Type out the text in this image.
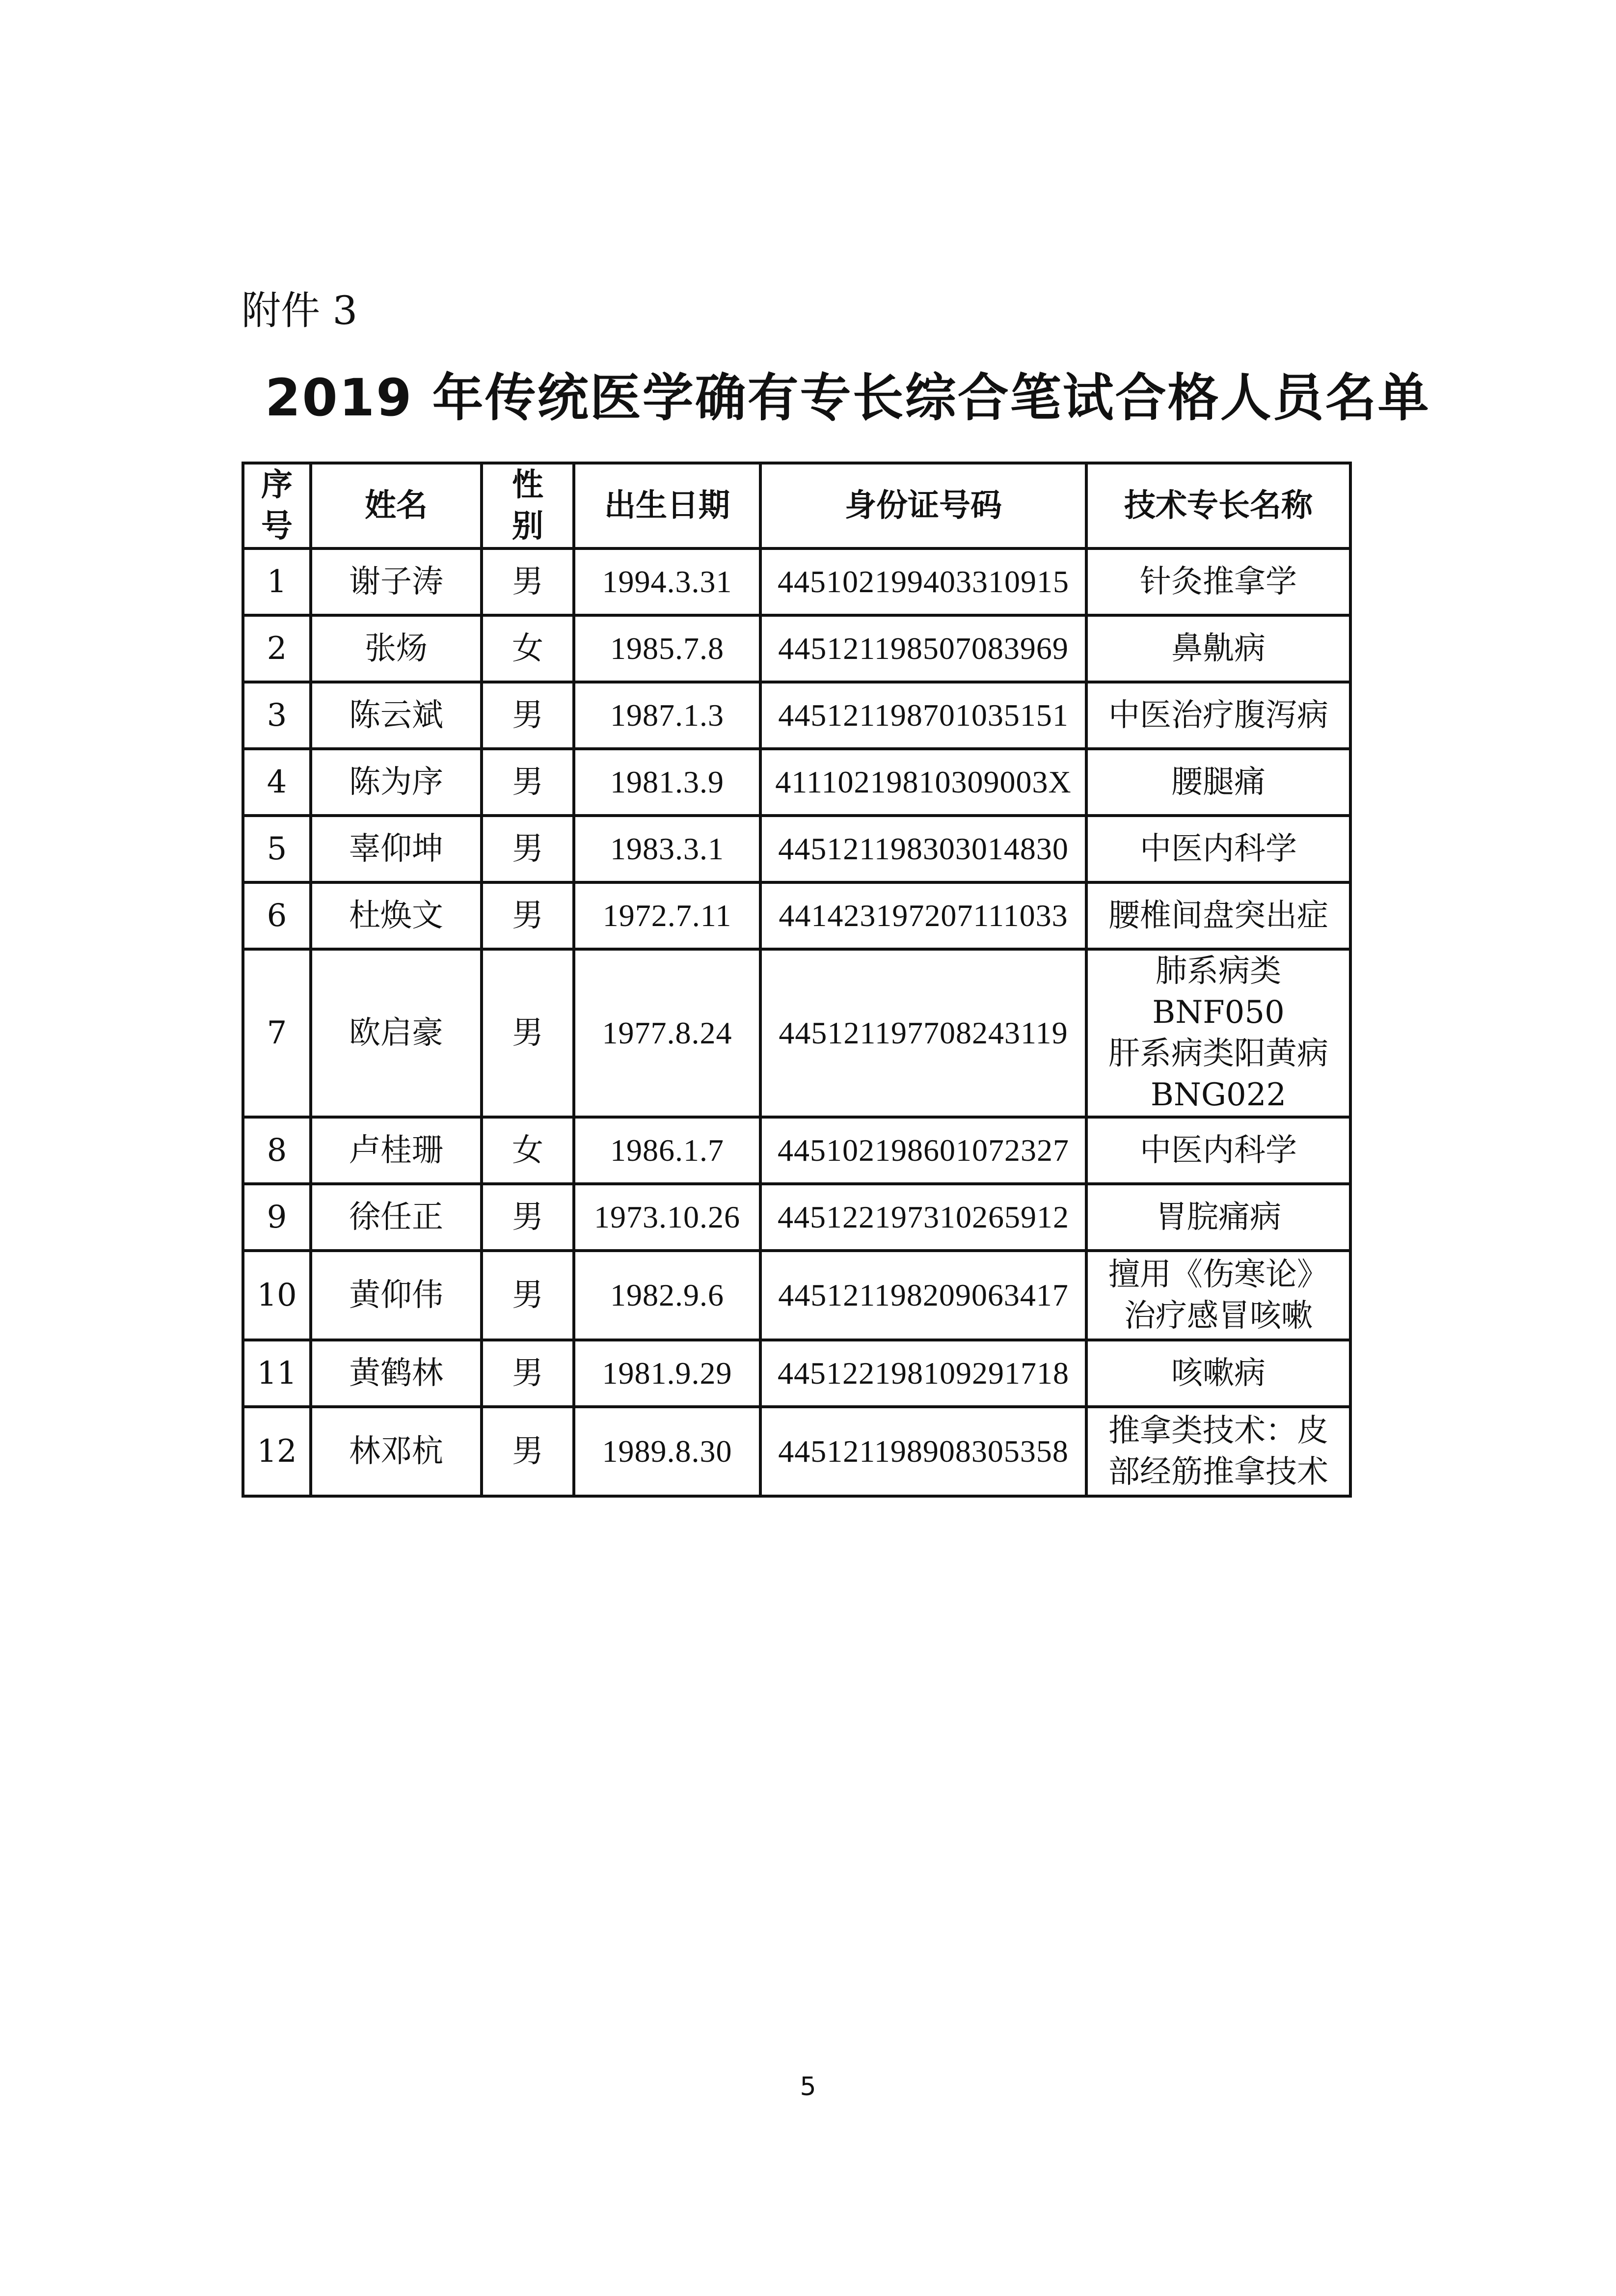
附件 3
2019 年传统医学确有专长综合笔试合格人员名单
序号	姓名	性别	出生日期	身份证号码	技术专长名称
1	谢子涛	男	1994.3.31	445102199403310915	针灸推拿学

2	张炀	女	1985.7.8	445121198507083969	鼻鼽病

3	陈云斌	男	1987.1.3	445121198701035151	中医治疗腹泻病

4	陈为序	男	1981.3.9	41110219810309003X	腰腿痛

5	辜仰坤	男	1983.3.1	445121198303014830	中医内科学

6	杜焕文	男	1972.7.11	441423197207111033	腰椎间盘突出症

7	欧启豪	男	1977.8.24	445121197708243119	肺系病类
BNF050
肝系病类阳黄病
BNG022

8	卢桂珊	女	1986.1.7	445102198601072327	中医内科学

9	徐任正	男	1973.10.26	445122197310265912	胃脘痛病

10	黄仰伟	男	1982.9.6	445121198209063417	擅用《伤寒论》
治疗感冒咳嗽

11	黄鹤林	男	1981.9.29	445122198109291718	咳嗽病

12	林邓杭	男	1989.8.30	445121198908305358	推拿类技术：皮
部经筋推拿技术
5
